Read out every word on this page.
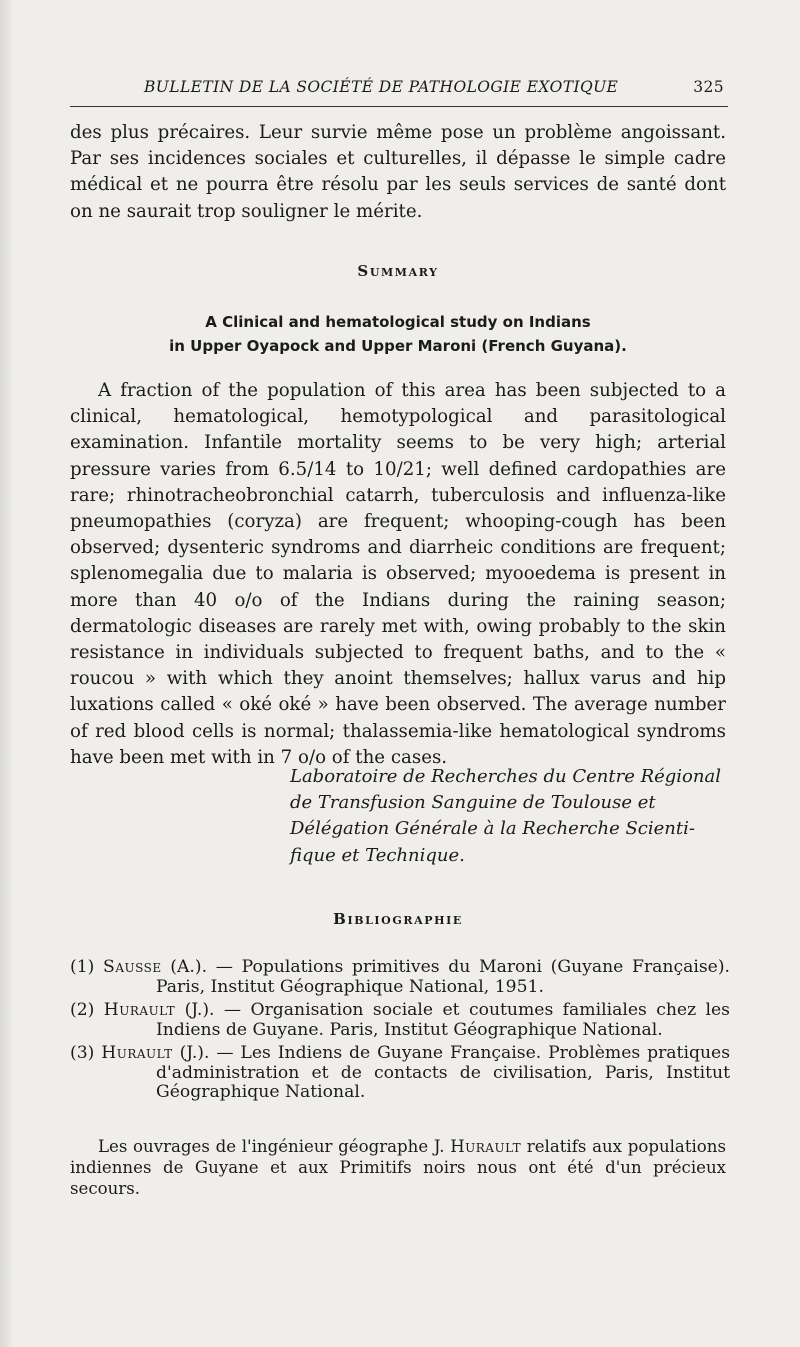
BULLETIN DE LA SOCIÉTÉ DE PATHOLOGIE EXOTIQUE	325

des plus précaires. Leur survie même pose un problème angoissant. Par ses incidences sociales et culturelles, il dépasse le simple cadre médical et ne pourra être résolu par les seuls services de santé dont on ne saurait trop souligner le mérite.

Summary

A Clinical and hematological study on Indians

in Upper Oyapock and Upper Maroni (French Guyana).

A fraction of the population of this area has been subjected to a clinical, hematological, hemotypological and parasitological examination. Infantile mortality seems to be very high; arterial pressure varies from 6.5/14 to 10/21; well defined cardopathies are rare; rhinotracheobronchial catarrh, tuberculosis and influenza-like pneumopathies (coryza) are frequent; whooping-cough has been observed; dysenteric syndroms and diarrheic conditions are frequent; splenomegalia due to malaria is observed; myooedema is present in more than 40 o/o of the Indians during the raining season; dermatologic diseases are rarely met with, owing probably to the skin resistance in individuals subjected to frequent baths, and to the « roucou » with which they anoint themselves; hallux varus and hip luxations called « oké oké » have been observed. The average number of red blood cells is normal; thalassemia-like hematological syndroms have been met with in 7 o/o of the cases.

Laboratoire de Recherches du Centre Régional
de Transfusion Sanguine de Toulouse et
Délégation Générale à la Recherche Scienti-
fique et Technique.
Bibliographie
(1) Sausse (A.). — Populations primitives du Maroni (Guyane Française). Paris, Institut Géographique National, 1951.
(2) Hurault (J.). — Organisation sociale et coutumes familiales chez les Indiens de Guyane. Paris, Institut Géographique National.
(3) Hurault (J.). — Les Indiens de Guyane Française. Problèmes pratiques d'administration et de contacts de civilisation, Paris, Institut Géographique National.

Les ouvrages de l'ingénieur géographe J. Hurault relatifs aux populations indiennes de Guyane et aux Primitifs noirs nous ont été d'un précieux secours.
